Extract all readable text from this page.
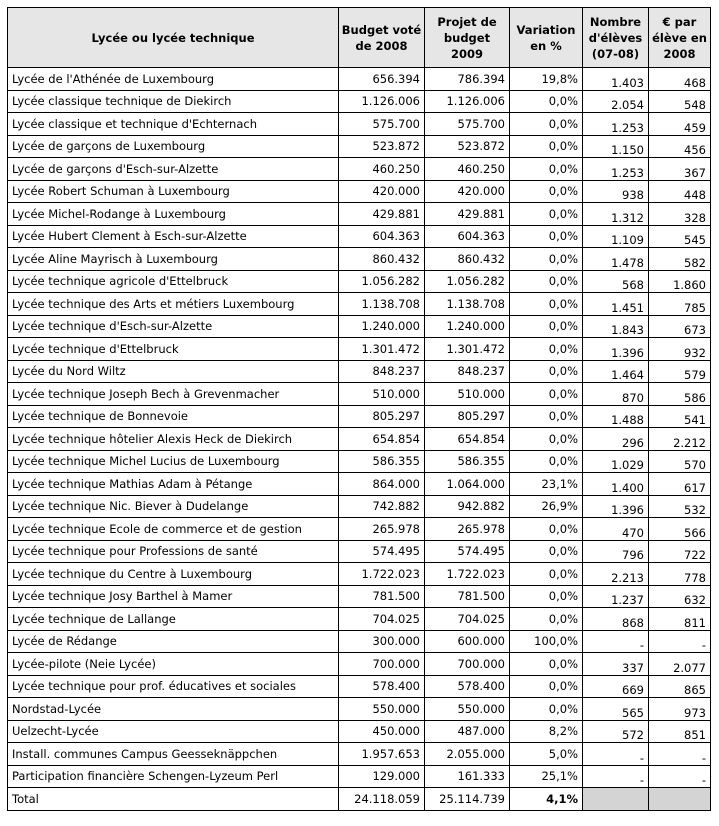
Lycée ou lycée technique	Budget voté de 2008	Projet de budget 2009	Variation en %	Nombre d'élèves (07-08)	€ par élève en 2008
Lycée de l'Athénée de Luxembourg	656.394	786.394	19,8%	1.403	468
Lycée classique technique de Diekirch	1.126.006	1.126.006	0,0%	2.054	548
Lycée classique et technique d'Echternach	575.700	575.700	0,0%	1.253	459
Lycée de garçons de Luxembourg	523.872	523.872	0,0%	1.150	456
Lycée de garçons d'Esch-sur-Alzette	460.250	460.250	0,0%	1.253	367
Lycée Robert Schuman à Luxembourg	420.000	420.000	0,0%	938	448
Lycée Michel-Rodange à Luxembourg	429.881	429.881	0,0%	1.312	328
Lycée Hubert Clement à Esch-sur-Alzette	604.363	604.363	0,0%	1.109	545
Lycée Aline Mayrisch à Luxembourg	860.432	860.432	0,0%	1.478	582
Lycée technique agricole d'Ettelbruck	1.056.282	1.056.282	0,0%	568	1.860
Lycée technique des Arts et métiers Luxembourg	1.138.708	1.138.708	0,0%	1.451	785
Lycée technique d'Esch-sur-Alzette	1.240.000	1.240.000	0,0%	1.843	673
Lycée technique d'Ettelbruck	1.301.472	1.301.472	0,0%	1.396	932
Lycée du Nord Wiltz	848.237	848.237	0,0%	1.464	579
Lycée technique Joseph Bech à Grevenmacher	510.000	510.000	0,0%	870	586
Lycée technique de Bonnevoie	805.297	805.297	0,0%	1.488	541
Lycée technique hôtelier Alexis Heck de Diekirch	654.854	654.854	0,0%	296	2.212
Lycée technique Michel Lucius de Luxembourg	586.355	586.355	0,0%	1.029	570
Lycée technique Mathias Adam à Pétange	864.000	1.064.000	23,1%	1.400	617
Lycée technique Nic. Biever à Dudelange	742.882	942.882	26,9%	1.396	532
Lycée technique Ecole de commerce et de gestion	265.978	265.978	0,0%	470	566
Lycée technique pour Professions de santé	574.495	574.495	0,0%	796	722
Lycée technique du Centre à Luxembourg	1.722.023	1.722.023	0,0%	2.213	778
Lycée technique Josy Barthel à Mamer	781.500	781.500	0,0%	1.237	632
Lycée technique de Lallange	704.025	704.025	0,0%	868	811
Lycée de Rédange	300.000	600.000	100,0%	-	-
Lycée-pilote (Neie Lycée)	700.000	700.000	0,0%	337	2.077
Lycée technique pour prof. éducatives et sociales	578.400	578.400	0,0%	669	865
Nordstad-Lycée	550.000	550.000	0,0%	565	973
Uelzecht-Lycée	450.000	487.000	8,2%	572	851
Install. communes Campus Geesseknäppchen	1.957.653	2.055.000	5,0%	-	-
Participation financière Schengen-Lyzeum Perl	129.000	161.333	25,1%	-	-
Total	24.118.059	25.114.739	4,1%		
